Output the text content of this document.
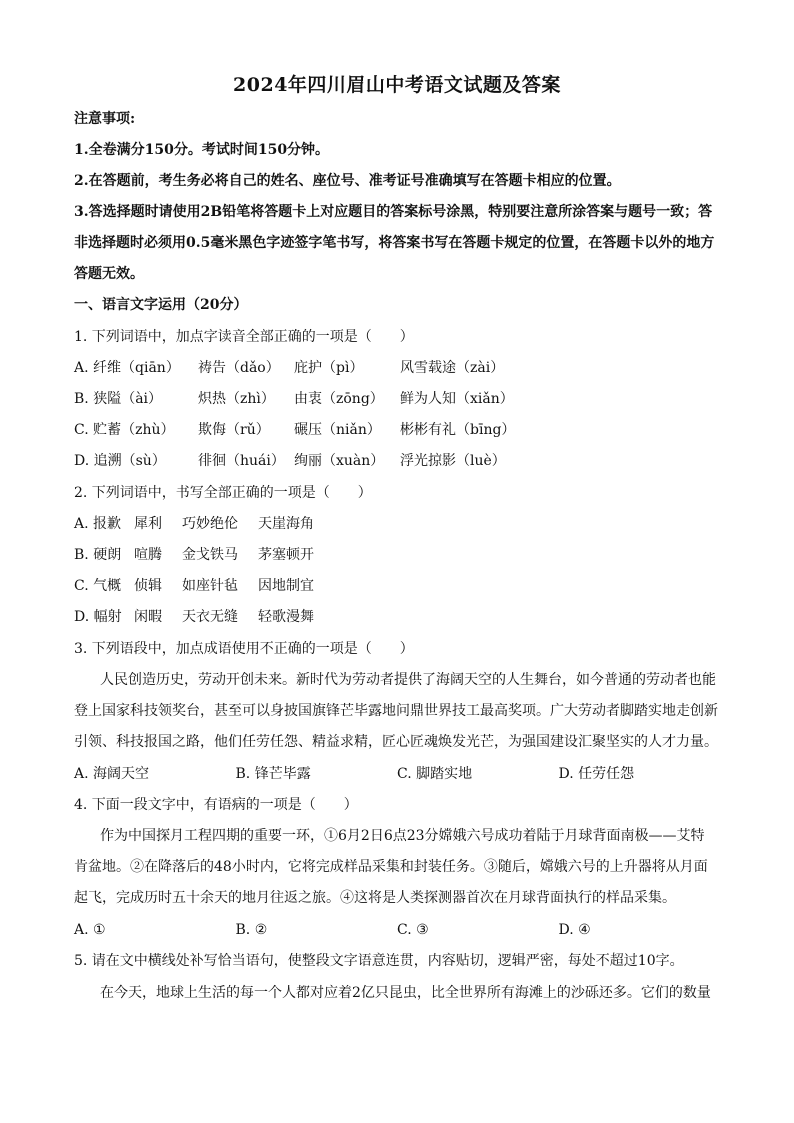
2024年四川眉山中考语文试题及答案
注意事项:
1.全卷满分150分。考试时间150分钟。
2.在答题前，考生务必将自己的姓名、座位号、准考证号准确填写在答题卡相应的位置。
3.答选择题时请使用2B铅笔将答题卡上对应题目的答案标号涂黑，特别要注意所涂答案与题号一致；答
非选择题时必须用0.5毫米黑色字迹签字笔书写，将答案书写在答题卡规定的位置，在答题卡以外的地方
答题无效。
一、语言文字运用（20分）
1. 下列词语中，加点字读音全部正确的一项是（　　）
A. 纤维（qiān）	祷告（dǎo）	庇护（pì）	风雪载途（zài）
B. 狭隘（ài）	炽热（zhì）	由衷（zōng）	鲜为人知（xiǎn）
C. 贮蓄（zhù）	欺侮（rǔ）	碾压（niǎn）	彬彬有礼（bīng）
D. 追溯（sù）	徘徊（huái） 绚丽（xuàn）	浮光掠影（luè）
2. 下列词语中，书写全部正确的一项是（　　）
A. 报歉 犀利	巧妙绝伦	天崖海角
B. 硬朗 喧腾	金戈铁马	茅塞顿开
C. 气概 侦辑	如座针毡	因地制宜
D. 幅射 闲暇	天衣无缝	轻歌漫舞
3. 下列语段中，加点成语使用不正确的一项是（　　）
人民创造历史，劳动开创未来。新时代为劳动者提供了海阔天空的人生舞台，如今普通的劳动者也能
登上国家科技领奖台，甚至可以身披国旗锋芒毕露地问鼎世界技工最高奖项。广大劳动者脚踏实地走创新
引领、科技报国之路，他们任劳任怨、精益求精，匠心匠魂焕发光芒，为强国建设汇聚坚实的人才力量。
A. 海阔天空	B. 锋芒毕露	C. 脚踏实地	D. 任劳任怨
4. 下面一段文字中，有语病的一项是（　　）
作为中国探月工程四期的重要一环，①6月2日6点23分嫦娥六号成功着陆于月球背面南极——艾特
肯盆地。②在降落后的48小时内，它将完成样品采集和封装任务。③随后，嫦娥六号的上升器将从月面
起飞，完成历时五十余天的地月往返之旅。④这将是人类探测器首次在月球背面执行的样品采集。
A. ①	B. ②	C. ③	D. ④
5. 请在文中横线处补写恰当语句，使整段文字语意连贯，内容贴切，逻辑严密，每处不超过10字。
在今天，地球上生活的每一个人都对应着2亿只昆虫，比全世界所有海滩上的沙砾还多。它们的数量
